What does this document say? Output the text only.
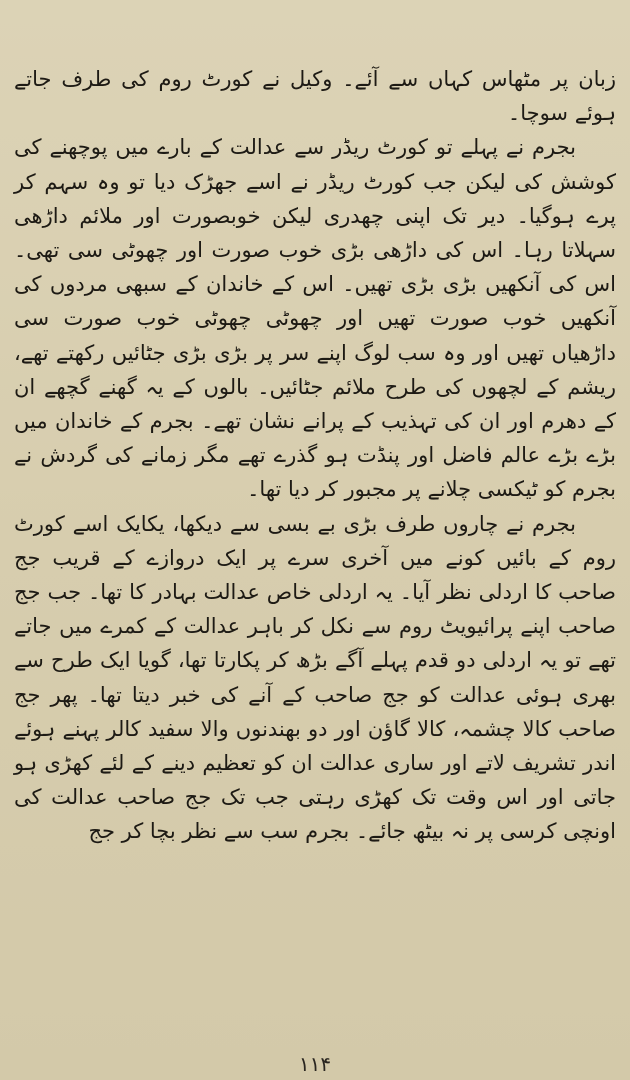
زبان پر مٹھاس کہاں سے آئے۔ وکیل نے کورٹ روم کی طرف جاتے ہوئے سوچا۔

بجرم نے پہلے تو کورٹ ریڈر سے عدالت کے بارے میں پوچھنے کی کوشش کی لیکن جب کورٹ ریڈر نے اسے جھڑک دیا تو وہ سہم کر پرے ہوگیا۔ دیر تک اپنی چھدری لیکن خوبصورت اور ملائم داڑھی سہلاتا رہا۔ اس کی داڑھی بڑی خوب صورت اور چھوٹی سی تھی۔ اس کی آنکھیں بڑی بڑی تھیں۔ اس کے خاندان کے سبھی مردوں کی آنکھیں خوب صورت تھیں اور چھوٹی چھوٹی خوب صورت سی داڑھیاں تھیں اور وہ سب لوگ اپنے سر پر بڑی بڑی جٹائیں رکھتے تھے، ریشم کے لچھوں کی طرح ملائم جٹائیں۔ بالوں کے یہ گھنے گچھے ان کے دھرم اور ان کی تہذیب کے پرانے نشان تھے۔ بجرم کے خاندان میں بڑے بڑے عالم فاضل اور پنڈت ہو گذرے تھے مگر زمانے کی گردش نے بجرم کو ٹیکسی چلانے پر مجبور کر دیا تھا۔

بجرم نے چاروں طرف بڑی بے بسی سے دیکھا، یکایک اسے کورٹ روم کے بائیں کونے میں آخری سرے پر ایک دروازے کے قریب جج صاحب کا اردلی نظر آیا۔ یہ اردلی خاص عدالت بہادر کا تھا۔ جب جج صاحب اپنے پرائیویٹ روم سے نکل کر باہر عدالت کے کمرے میں جاتے تھے تو یہ اردلی دو قدم پہلے آگے بڑھ کر پکارتا تھا، گویا ایک طرح سے بھری ہوئی عدالت کو جج صاحب کے آنے کی خبر دیتا تھا۔ پھر جج صاحب کالا چشمہ، کالا گاؤن اور دو بھندنوں والا سفید کالر پہنے ہوئے اندر تشریف لاتے اور ساری عدالت ان کو تعظیم دینے کے لئے کھڑی ہو جاتی اور اس وقت تک کھڑی رہتی جب تک جج صاحب عدالت کی اونچی کرسی پر نہ بیٹھ جائے۔ بجرم سب سے نظر بچا کر جج

۱۱۴
